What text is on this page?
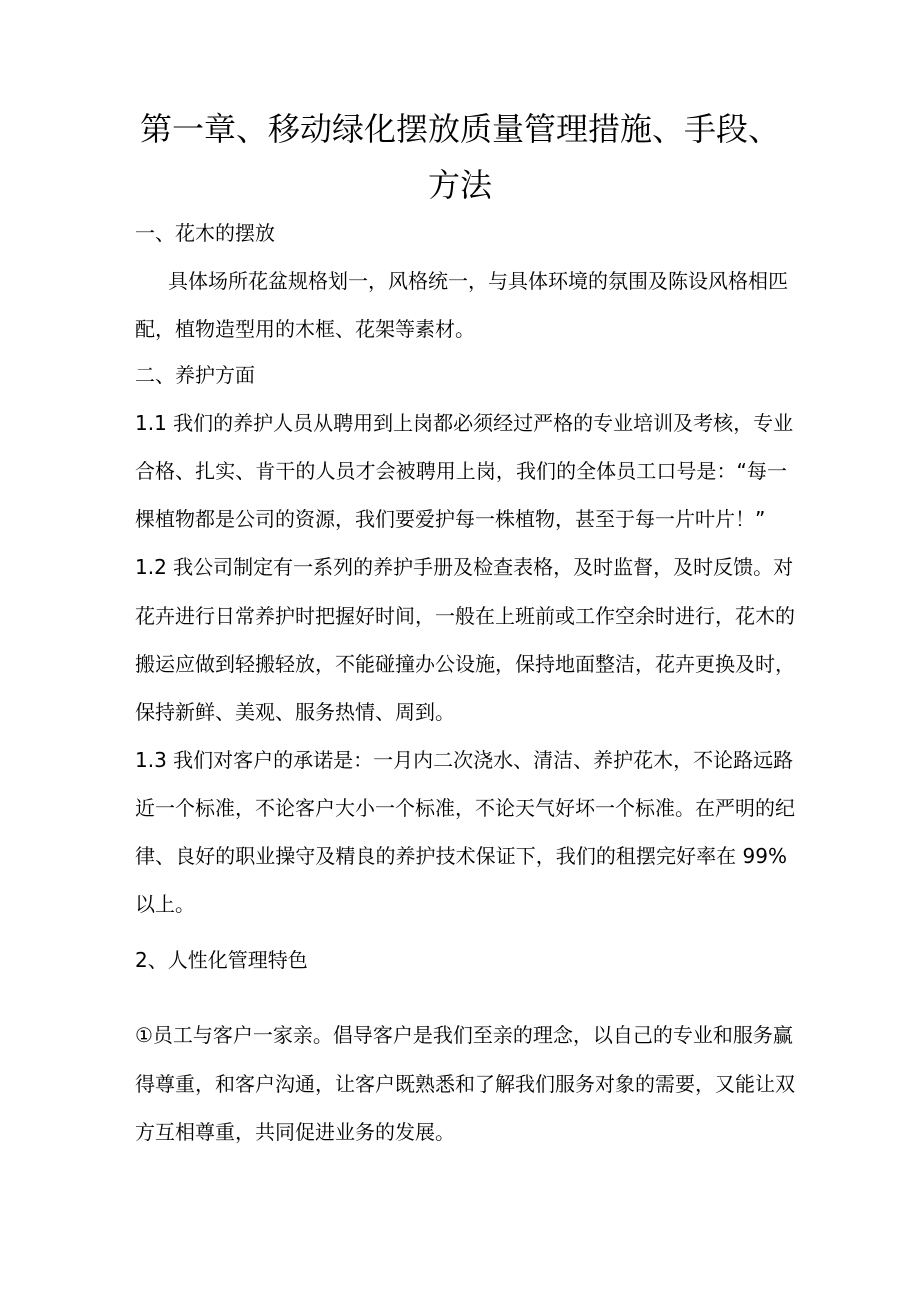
第一章、移动绿化摆放质量管理措施、手段、
方法
一、花木的摆放
具体场所花盆规格划一，风格统一，与具体环境的氛围及陈设风格相匹
配，植物造型用的木框、花架等素材。
二、养护方面
1.1 我们的养护人员从聘用到上岗都必须经过严格的专业培训及考核，专业
合格、扎实、肯干的人员才会被聘用上岗，我们的全体员工口号是：“每一
棵植物都是公司的资源，我们要爱护每一株植物，甚至于每一片叶片！”
1.2 我公司制定有一系列的养护手册及检查表格，及时监督，及时反馈。对
花卉进行日常养护时把握好时间，一般在上班前或工作空余时进行，花木的
搬运应做到轻搬轻放，不能碰撞办公设施，保持地面整洁，花卉更换及时，
保持新鲜、美观、服务热情、周到。
1.3 我们对客户的承诺是：一月内二次浇水、清洁、养护花木，不论路远路
近一个标准，不论客户大小一个标准，不论天气好坏一个标准。在严明的纪
律、良好的职业操守及精良的养护技术保证下，我们的租摆完好率在 99%
以上。
2、人性化管理特色
①员工与客户一家亲。倡导客户是我们至亲的理念，以自己的专业和服务赢
得尊重，和客户沟通，让客户既熟悉和了解我们服务对象的需要，又能让双
方互相尊重，共同促进业务的发展。
